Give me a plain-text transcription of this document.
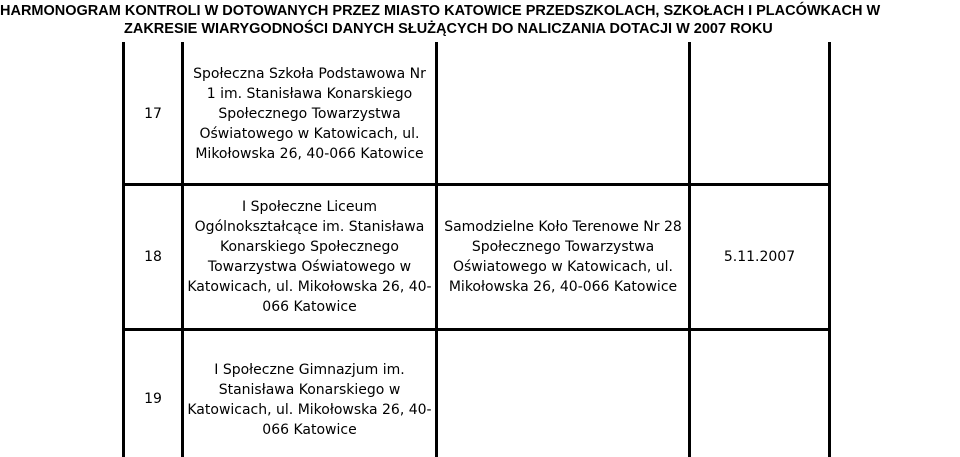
HARMONOGRAM KONTROLI W DOTOWANYCH PRZEZ MIASTO KATOWICE PRZEDSZKOLACH, SZKOŁACH I PLACÓWKACH W
ZAKRESIE WIARYGODNOŚCI DANYCH SŁUŻĄCYCH DO NALICZANIA DOTACJI W 2007 ROKU
17
Społeczna Szkoła Podstawowa Nr
1 im. Stanisława Konarskiego
Społecznego Towarzystwa
Oświatowego w Katowicach, ul.
Mikołowska 26, 40-066 Katowice
18
I Społeczne Liceum
Ogólnokształcące im. Stanisława
Konarskiego Społecznego
Towarzystwa Oświatowego w
Katowicach, ul. Mikołowska 26, 40-
066 Katowice
Samodzielne Koło Terenowe Nr 28
Społecznego Towarzystwa
Oświatowego w Katowicach, ul.
Mikołowska 26, 40-066 Katowice
5.11.2007
19
I Społeczne Gimnazjum im.
Stanisława Konarskiego w
Katowicach, ul. Mikołowska 26, 40-
066 Katowice
